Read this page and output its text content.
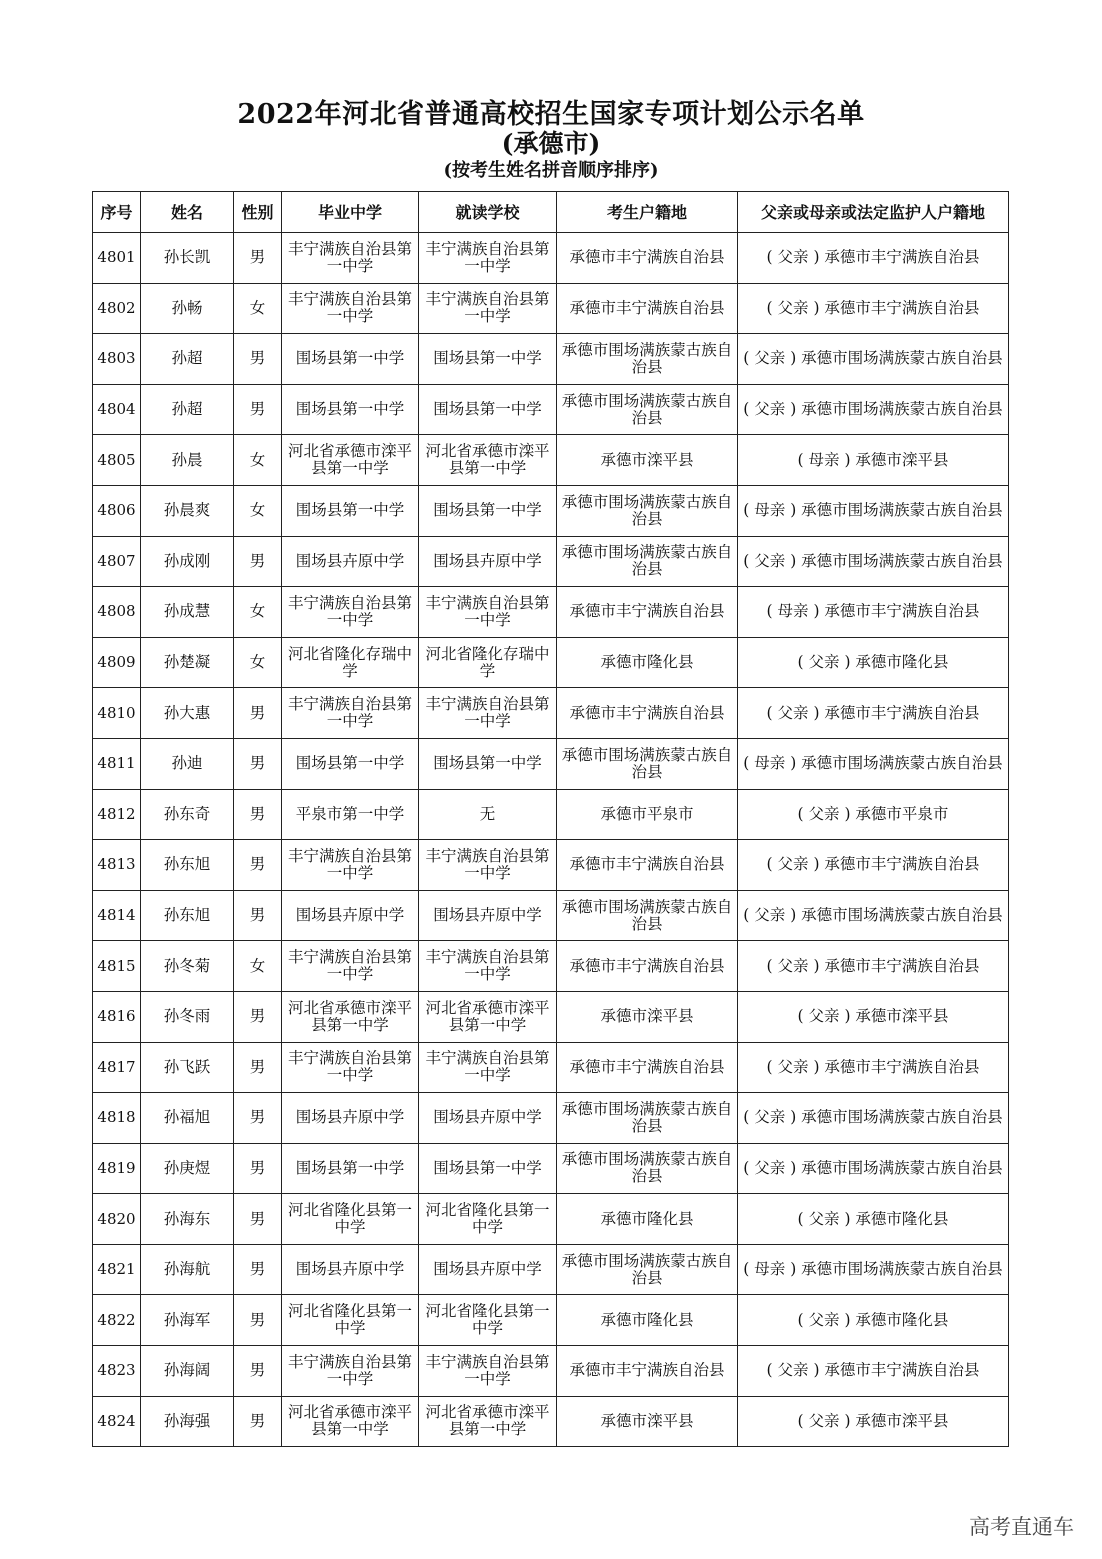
2022年河北省普通高校招生国家专项计划公示名单
(承德市)
(按考生姓名拼音顺序排序)
序号	姓名	性别	毕业中学	就读学校	考生户籍地	父亲或母亲或法定监护人户籍地
4801	孙长凯	男	丰宁满族自治县第一中学	丰宁满族自治县第一中学	承德市丰宁满族自治县	( 父亲 ) 承德市丰宁满族自治县
4802	孙畅	女	丰宁满族自治县第一中学	丰宁满族自治县第一中学	承德市丰宁满族自治县	( 父亲 ) 承德市丰宁满族自治县
4803	孙超	男	围场县第一中学	围场县第一中学	承德市围场满族蒙古族自治县	( 父亲 ) 承德市围场满族蒙古族自治县
4804	孙超	男	围场县第一中学	围场县第一中学	承德市围场满族蒙古族自治县	( 父亲 ) 承德市围场满族蒙古族自治县
4805	孙晨	女	河北省承德市滦平县第一中学	河北省承德市滦平县第一中学	承德市滦平县	( 母亲 ) 承德市滦平县
4806	孙晨爽	女	围场县第一中学	围场县第一中学	承德市围场满族蒙古族自治县	( 母亲 ) 承德市围场满族蒙古族自治县
4807	孙成刚	男	围场县卉原中学	围场县卉原中学	承德市围场满族蒙古族自治县	( 父亲 ) 承德市围场满族蒙古族自治县
4808	孙成慧	女	丰宁满族自治县第一中学	丰宁满族自治县第一中学	承德市丰宁满族自治县	( 母亲 ) 承德市丰宁满族自治县
4809	孙楚凝	女	河北省隆化存瑞中学	河北省隆化存瑞中学	承德市隆化县	( 父亲 ) 承德市隆化县
4810	孙大惠	男	丰宁满族自治县第一中学	丰宁满族自治县第一中学	承德市丰宁满族自治县	( 父亲 ) 承德市丰宁满族自治县
4811	孙迪	男	围场县第一中学	围场县第一中学	承德市围场满族蒙古族自治县	( 母亲 ) 承德市围场满族蒙古族自治县
4812	孙东奇	男	平泉市第一中学	无	承德市平泉市	( 父亲 ) 承德市平泉市
4813	孙东旭	男	丰宁满族自治县第一中学	丰宁满族自治县第一中学	承德市丰宁满族自治县	( 父亲 ) 承德市丰宁满族自治县
4814	孙东旭	男	围场县卉原中学	围场县卉原中学	承德市围场满族蒙古族自治县	( 父亲 ) 承德市围场满族蒙古族自治县
4815	孙冬菊	女	丰宁满族自治县第一中学	丰宁满族自治县第一中学	承德市丰宁满族自治县	( 父亲 ) 承德市丰宁满族自治县
4816	孙冬雨	男	河北省承德市滦平县第一中学	河北省承德市滦平县第一中学	承德市滦平县	( 父亲 ) 承德市滦平县
4817	孙飞跃	男	丰宁满族自治县第一中学	丰宁满族自治县第一中学	承德市丰宁满族自治县	( 父亲 ) 承德市丰宁满族自治县
4818	孙福旭	男	围场县卉原中学	围场县卉原中学	承德市围场满族蒙古族自治县	( 父亲 ) 承德市围场满族蒙古族自治县
4819	孙庚煜	男	围场县第一中学	围场县第一中学	承德市围场满族蒙古族自治县	( 父亲 ) 承德市围场满族蒙古族自治县
4820	孙海东	男	河北省隆化县第一中学	河北省隆化县第一中学	承德市隆化县	( 父亲 ) 承德市隆化县
4821	孙海航	男	围场县卉原中学	围场县卉原中学	承德市围场满族蒙古族自治县	( 母亲 ) 承德市围场满族蒙古族自治县
4822	孙海军	男	河北省隆化县第一中学	河北省隆化县第一中学	承德市隆化县	( 父亲 ) 承德市隆化县
4823	孙海阔	男	丰宁满族自治县第一中学	丰宁满族自治县第一中学	承德市丰宁满族自治县	( 父亲 ) 承德市丰宁满族自治县
4824	孙海强	男	河北省承德市滦平县第一中学	河北省承德市滦平县第一中学	承德市滦平县	( 父亲 ) 承德市滦平县
高考直通车
